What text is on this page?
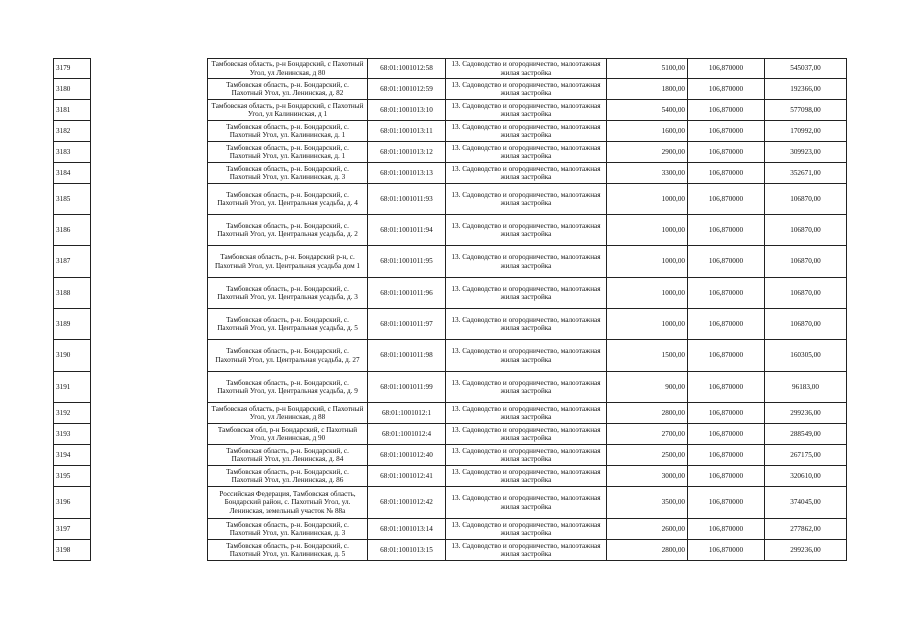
3179		Тамбовская область, р-н Бондарский, с Пахотный Угол, ул Ленинская, д 80	68:01:1001012:58	13. Садоводство и огородничество, малоэтажная жилая застройка	5100,00	106,870000	545037,00
3180		Тамбовская область, р-н. Бондарский, с. Пахотный Угол, ул. Ленинская, д. 82	68:01:1001012:59	13. Садоводство и огородничество, малоэтажная жилая застройка	1800,00	106,870000	192366,00
3181		Тамбовская область, р-н Бондарский, с Пахотный Угол, ул Калининская, д 1	68:01:1001013:10	13. Садоводство и огородничество, малоэтажная жилая застройка	5400,00	106,870000	577098,00
3182		Тамбовская область, р-н. Бондарский, с. Пахотный Угол, ул. Калининская, д. 1	68:01:1001013:11	13. Садоводство и огородничество, малоэтажная жилая застройка	1600,00	106,870000	170992,00
3183		Тамбовская область, р-н. Бондарский, с. Пахотный Угол, ул. Калининская, д. 1	68:01:1001013:12	13. Садоводство и огородничество, малоэтажная жилая застройка	2900,00	106,870000	309923,00
3184		Тамбовская область, р-н. Бондарский, с. Пахотный Угол, ул. Калининская, д. 3	68:01:1001013:13	13. Садоводство и огородничество, малоэтажная жилая застройка	3300,00	106,870000	352671,00
3185		Тамбовская область, р-н. Бондарский, с. Пахотный Угол, ул. Центральная усадьба, д. 4	68:01:1001011:93	13. Садоводство и огородничество, малоэтажная жилая застройка	1000,00	106,870000	106870,00
3186		Тамбовская область, р-н. Бондарский, с. Пахотный Угол, ул. Центральная усадьба, д. 2	68:01:1001011:94	13. Садоводство и огородничество, малоэтажная жилая застройка	1000,00	106,870000	106870,00
3187		Тамбовская область, р-н. Бондарский р-н, с. Пахотный Угол, ул. Центральная усадьба дом 1	68:01:1001011:95	13. Садоводство и огородничество, малоэтажная жилая застройка	1000,00	106,870000	106870,00
3188		Тамбовская область, р-н. Бондарский, с. Пахотный Угол, ул. Центральная усадьба, д. 3	68:01:1001011:96	13. Садоводство и огородничество, малоэтажная жилая застройка	1000,00	106,870000	106870,00
3189		Тамбовская область, р-н. Бондарский, с. Пахотный Угол, ул. Центральная усадьба, д. 5	68:01:1001011:97	13. Садоводство и огородничество, малоэтажная жилая застройка	1000,00	106,870000	106870,00
3190		Тамбовская область, р-н. Бондарский, с. Пахотный Угол, ул. Центральная усадьба, д. 27	68:01:1001011:98	13. Садоводство и огородничество, малоэтажная жилая застройка	1500,00	106,870000	160305,00
3191		Тамбовская область, р-н. Бондарский, с. Пахотный Угол, ул. Центральная усадьба, д. 9	68:01:1001011:99	13. Садоводство и огородничество, малоэтажная жилая застройка	900,00	106,870000	96183,00
3192		Тамбовская область, р-н Бондарский, с Пахотный Угол, ул Ленинская, д 88	68:01:1001012:1	13. Садоводство и огородничество, малоэтажная жилая застройка	2800,00	106,870000	299236,00
3193		Тамбовская обл, р-н Бондарский, с Пахотный Угол, ул Ленинская, д 90	68:01:1001012:4	13. Садоводство и огородничество, малоэтажная жилая застройка	2700,00	106,870000	288549,00
3194		Тамбовская область, р-н. Бондарский, с. Пахотный Угол, ул. Ленинская, д. 84	68:01:1001012:40	13. Садоводство и огородничество, малоэтажная жилая застройка	2500,00	106,870000	267175,00
3195		Тамбовская область, р-н. Бондарский, с. Пахотный Угол, ул. Ленинская, д. 86	68:01:1001012:41	13. Садоводство и огородничество, малоэтажная жилая застройка	3000,00	106,870000	320610,00
3196		Российская Федерация, Тамбовская область, Бондарский район, с. Пахотный Угол, ул. Ленинская, земельный участок № 88а	68:01:1001012:42	13. Садоводство и огородничество, малоэтажная жилая застройка	3500,00	106,870000	374045,00
3197		Тамбовская область, р-н. Бондарский, с. Пахотный Угол, ул. Калининская, д. 3	68:01:1001013:14	13. Садоводство и огородничество, малоэтажная жилая застройка	2600,00	106,870000	277862,00
3198		Тамбовская область, р-н. Бондарский, с. Пахотный Угол, ул. Калининская, д. 5	68:01:1001013:15	13. Садоводство и огородничество, малоэтажная жилая застройка	2800,00	106,870000	299236,00
